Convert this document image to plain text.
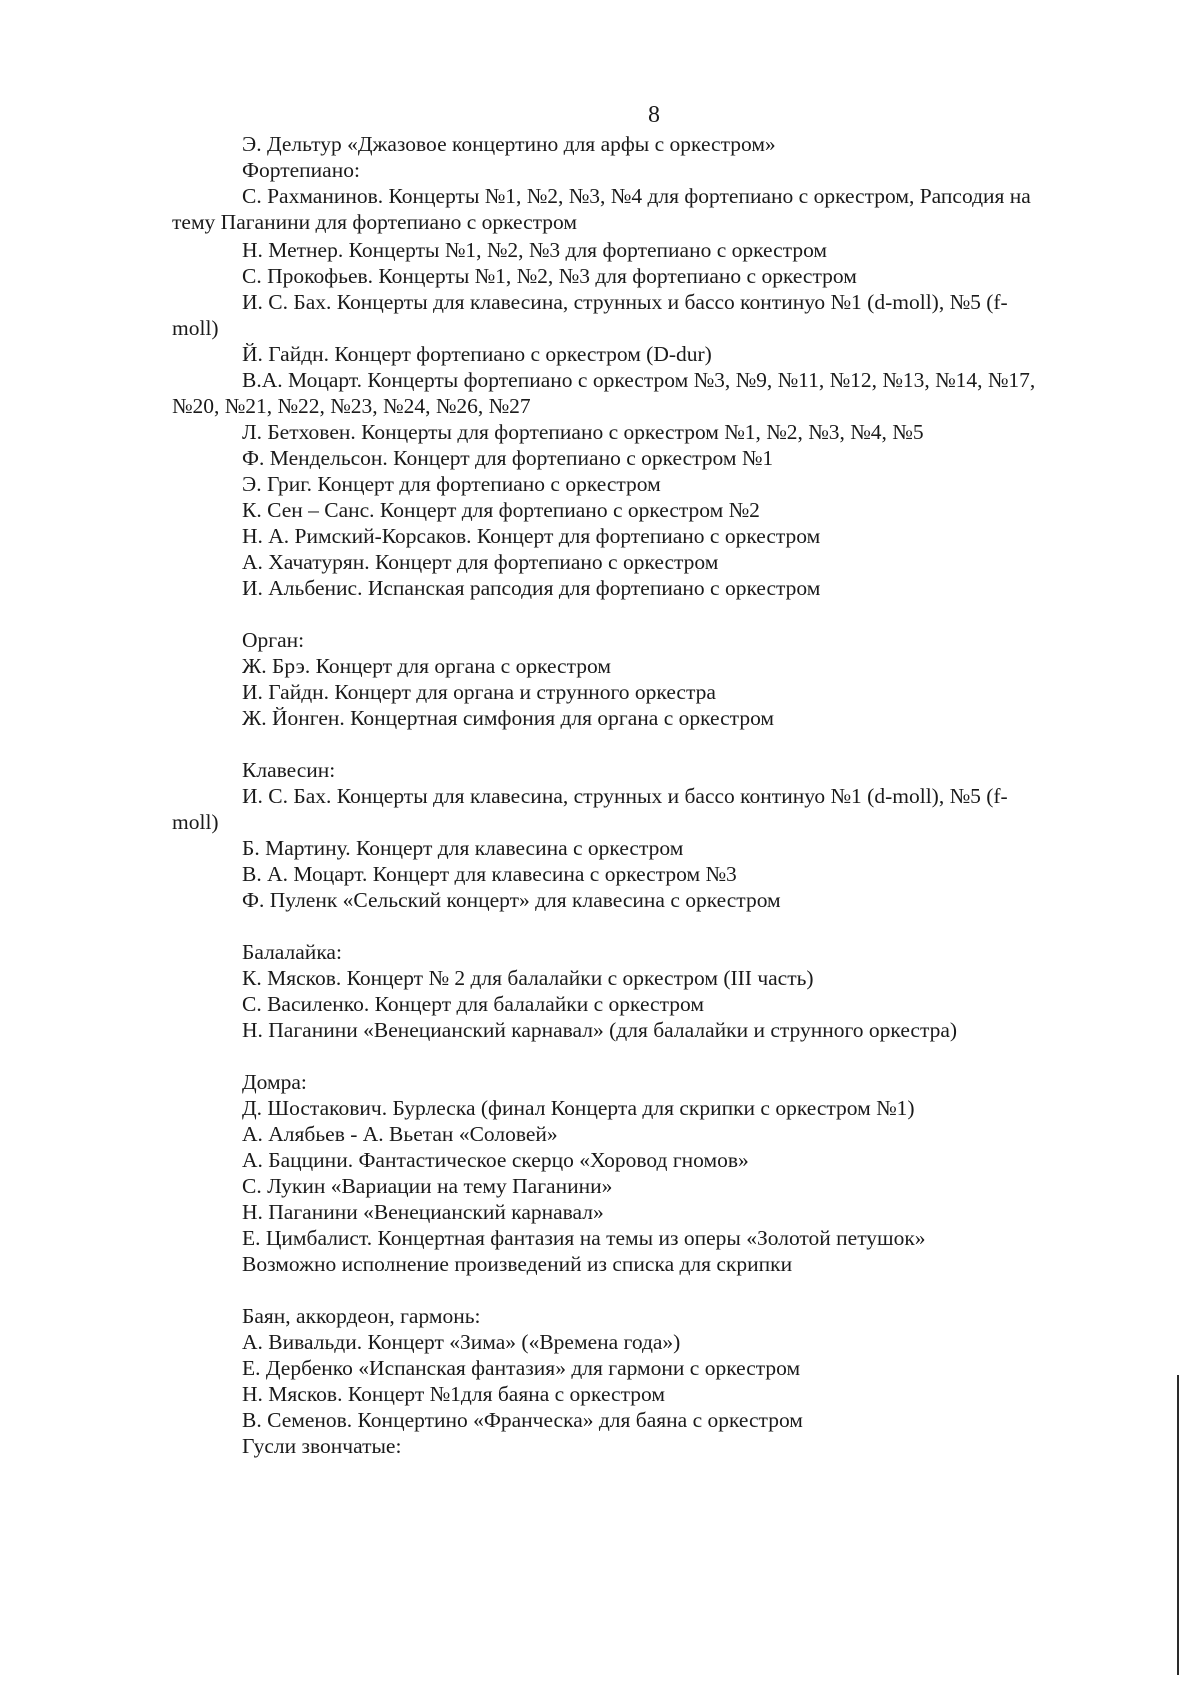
8
Э. Дельтур «Джазовое концертино для арфы с оркестром»
Фортепиано:
С. Рахманинов. Концерты №1, №2, №3, №4 для фортепиано с оркестром, Рапсодия на
тему Паганини для фортепиано с оркестром
Н. Метнер. Концерты №1, №2, №3 для фортепиано с оркестром
С. Прокофьев. Концерты №1, №2, №3 для фортепиано с оркестром
И. С. Бах. Концерты для клавесина, струнных и бассо континуо №1 (d-moll), №5 (f-
moll)
Й. Гайдн. Концерт фортепиано с оркестром (D-dur)
В.А. Моцарт. Концерты фортепиано с оркестром №3, №9, №11, №12, №13, №14, №17,
№20, №21, №22, №23, №24, №26, №27
Л. Бетховен. Концерты для фортепиано с оркестром №1, №2, №3, №4, №5
Ф. Мендельсон. Концерт для фортепиано с оркестром №1
Э. Григ. Концерт для фортепиано с оркестром
К. Сен – Санс. Концерт для фортепиано с оркестром №2
Н. А. Римский-Корсаков. Концерт для фортепиано с оркестром
А. Хачатурян. Концерт для фортепиано с оркестром
И. Альбенис. Испанская рапсодия для фортепиано с оркестром
Орган:
Ж. Брэ. Концерт для органа с оркестром
И. Гайдн. Концерт для органа и струнного оркестра
Ж. Йонген. Концертная симфония для органа с оркестром
Клавесин:
И. С. Бах. Концерты для клавесина, струнных и бассо континуо №1 (d-moll), №5 (f-
moll)
Б. Мартину. Концерт для клавесина с оркестром
В. А. Моцарт. Концерт для клавесина с оркестром №3
Ф. Пуленк «Сельский концерт» для клавесина с оркестром
Балалайка:
К. Мясков. Концерт № 2 для балалайки с оркестром (III часть)
С. Василенко. Концерт для балалайки с оркестром
Н. Паганини «Венецианский карнавал» (для балалайки и струнного оркестра)
Домра:
Д. Шостакович. Бурлеска (финал Концерта для скрипки с оркестром №1)
А. Алябьев - А. Вьетан «Соловей»
А. Баццини. Фантастическое скерцо «Хоровод гномов»
С. Лукин «Вариации на тему Паганини»
Н. Паганини «Венецианский карнавал»
Е. Цимбалист. Концертная фантазия на темы из оперы «Золотой петушок»
Возможно исполнение произведений из списка для скрипки
Баян, аккордеон, гармонь:
А. Вивальди. Концерт «Зима» («Времена года»)
Е. Дербенко «Испанская фантазия» для гармони с оркестром
Н. Мясков. Концерт №1для баяна с оркестром
В. Семенов. Концертино «Франческа» для баяна с оркестром
Гусли звончатые:
